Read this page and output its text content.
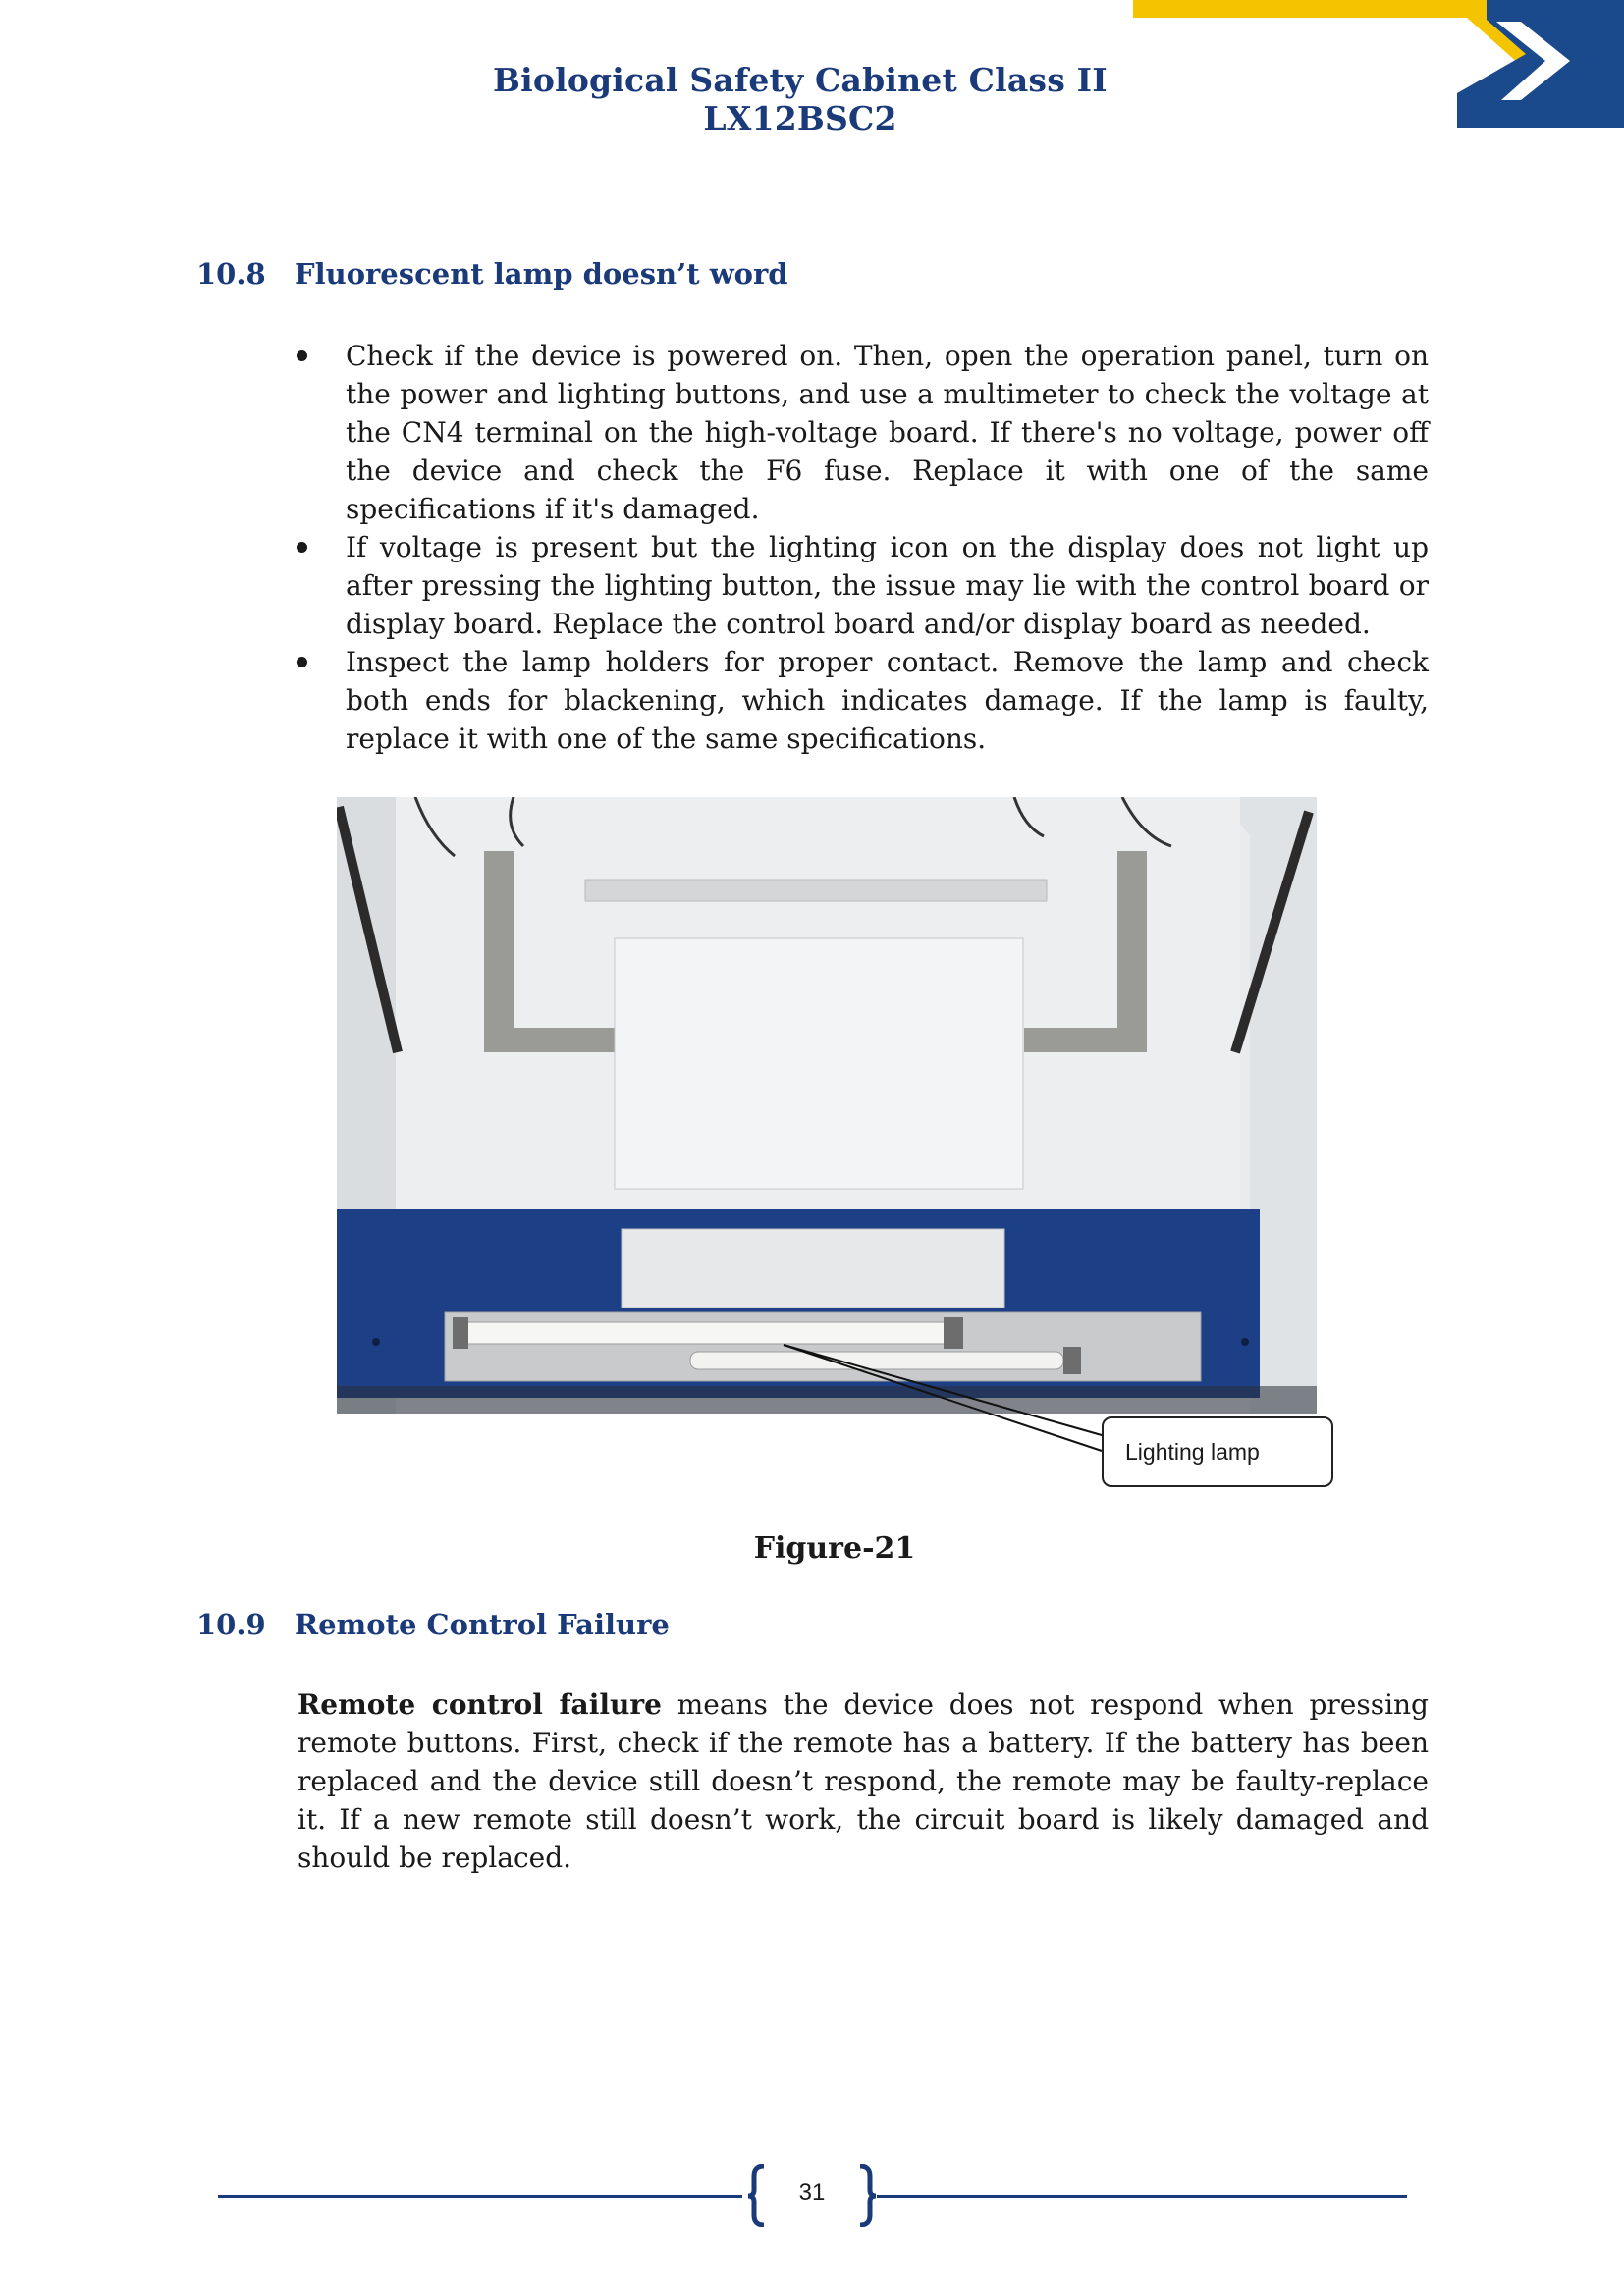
Biological Safety Cabinet Class II LX12BSC2
10.8 Fluorescent lamp doesn’t word
Check if the device is powered on. Then, open the operation panel, turn on the power and lighting buttons, and use a multimeter to check the voltage at the CN4 terminal on the high-voltage board. If there's no voltage, power off the device and check the F6 fuse. Replace it with one of the same specifications if it's damaged.
If voltage is present but the lighting icon on the display does not light up after pressing the lighting button, the issue may lie with the control board or display board. Replace the control board and/or display board as needed.
Inspect the lamp holders for proper contact. Remove the lamp and check both ends for blackening, which indicates damage. If the lamp is faulty, replace it with one of the same specifications.
Lighting lamp
Figure-21
10.9 Remote Control Failure

Remote control failure means the device does not respond when pressing remote buttons. First, check if the remote has a battery. If the battery has been replaced and the device still doesn’t respond, the remote may be faulty-replace it. If a new remote still doesn’t work, the circuit board is likely damaged and should be replaced.

31
